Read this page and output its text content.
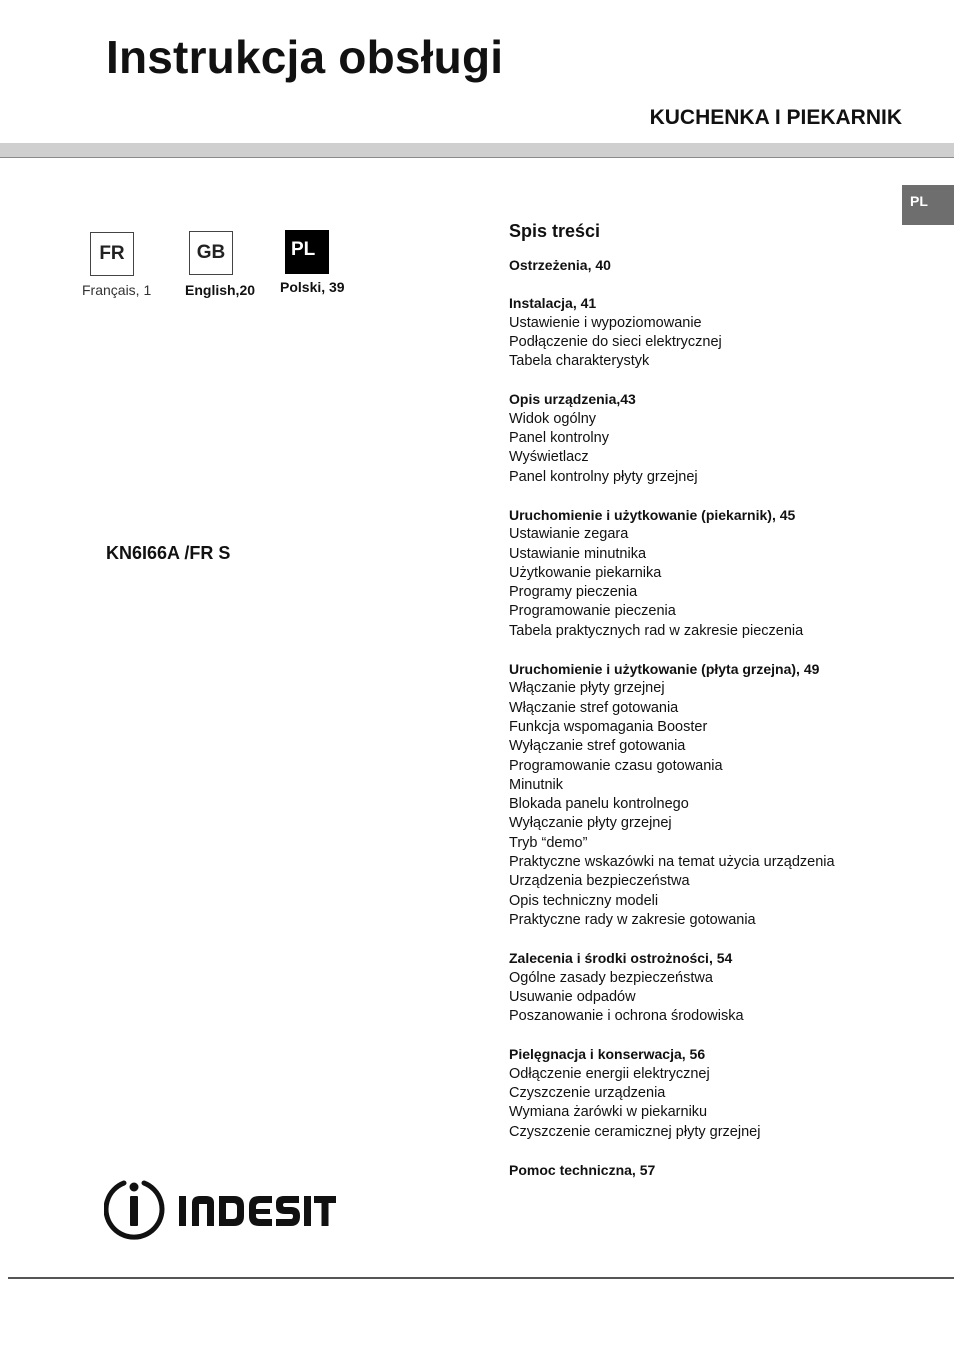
Instrukcja obsługi
KUCHENKA I PIEKARNIK
PL
FR
Français, 1
GB
English,20
PL
Polski, 39
KN6I66A /FR S
Spis treści
Ostrzeżenia, 40
Instalacja, 41
Ustawienie i wypoziomowanie
Podłączenie do sieci elektrycznej
Tabela charakterystyk
Opis urządzenia,43
Widok ogólny
Panel kontrolny
Wyświetlacz
Panel kontrolny płyty grzejnej
Uruchomienie i użytkowanie (piekarnik), 45
Ustawianie zegara
Ustawianie minutnika
Użytkowanie piekarnika
Programy pieczenia
Programowanie pieczenia
Tabela praktycznych rad w zakresie pieczenia
Uruchomienie i użytkowanie (płyta grzejna), 49
Włączanie płyty grzejnej
Włączanie stref gotowania
Funkcja wspomagania Booster
Wyłączanie stref gotowania
Programowanie czasu gotowania
Minutnik
Blokada panelu kontrolnego
Wyłączanie płyty grzejnej
Tryb “demo”
Praktyczne wskazówki na temat użycia urządzenia
Urządzenia bezpieczeństwa
Opis techniczny modeli
Praktyczne rady w zakresie gotowania
Zalecenia i środki ostrożności, 54
Ogólne zasady bezpieczeństwa
Usuwanie odpadów
Poszanowanie i ochrona środowiska
Pielęgnacja i konserwacja, 56
Odłączenie energii elektrycznej
Czyszczenie urządzenia
Wymiana żarówki w piekarniku
Czyszczenie ceramicznej płyty grzejnej
Pomoc techniczna, 57
